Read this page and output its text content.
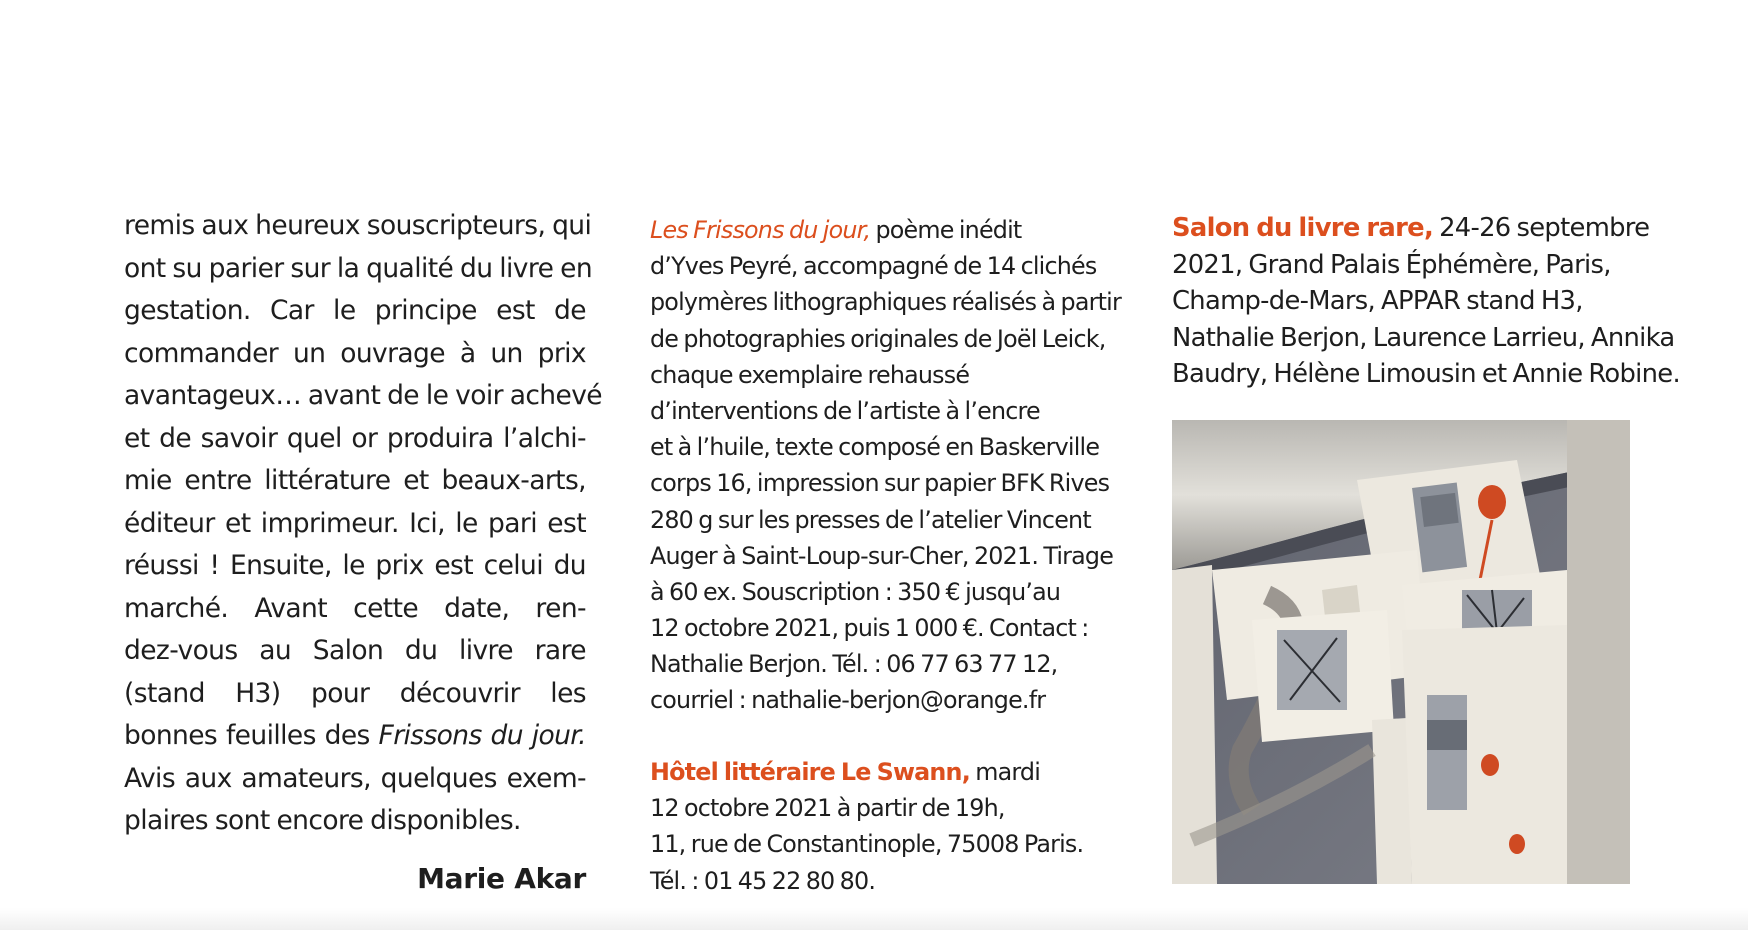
remis aux heureux souscripteurs, qui
ont su parier sur la qualité du livre en
gestation. Car le principe est de
commander un ouvrage à un prix
avantageux… avant de le voir achevé
et de savoir quel or produira l’alchi-
mie entre littérature et beaux-arts,
éditeur et imprimeur. Ici, le pari est
réussi ! Ensuite, le prix est celui du
marché. Avant cette date, ren-
dez-vous au Salon du livre rare
(stand H3) pour découvrir les
bonnes feuilles des Frissons du jour.
Avis aux amateurs, quelques exem-
plaires sont encore disponibles.
Marie Akar
Les Frissons du jour, poème inédit
d’Yves Peyré, accompagné de 14 clichés
polymères lithographiques réalisés à partir
de photographies originales de Joël Leick,
chaque exemplaire rehaussé
d’interventions de l’artiste à l’encre
et à l’huile, texte composé en Baskerville
corps 16, impression sur papier BFK Rives
280 g sur les presses de l’atelier Vincent
Auger à Saint-Loup-sur-Cher, 2021. Tirage
à 60 ex. Souscription : 350 € jusqu’au
12 octobre 2021, puis 1 000 €. Contact :
Nathalie Berjon. Tél. : 06 77 63 77 12,
courriel : nathalie-berjon@orange.fr
Hôtel littéraire Le Swann, mardi
12 octobre 2021 à partir de 19h,
11, rue de Constantinople, 75008 Paris.
Tél. : 01 45 22 80 80.
Salon du livre rare, 24-26 septembre
2021, Grand Palais Éphémère, Paris,
Champ-de-Mars, APPAR stand H3,
Nathalie Berjon, Laurence Larrieu, Annika
Baudry, Hélène Limousin et Annie Robine.
